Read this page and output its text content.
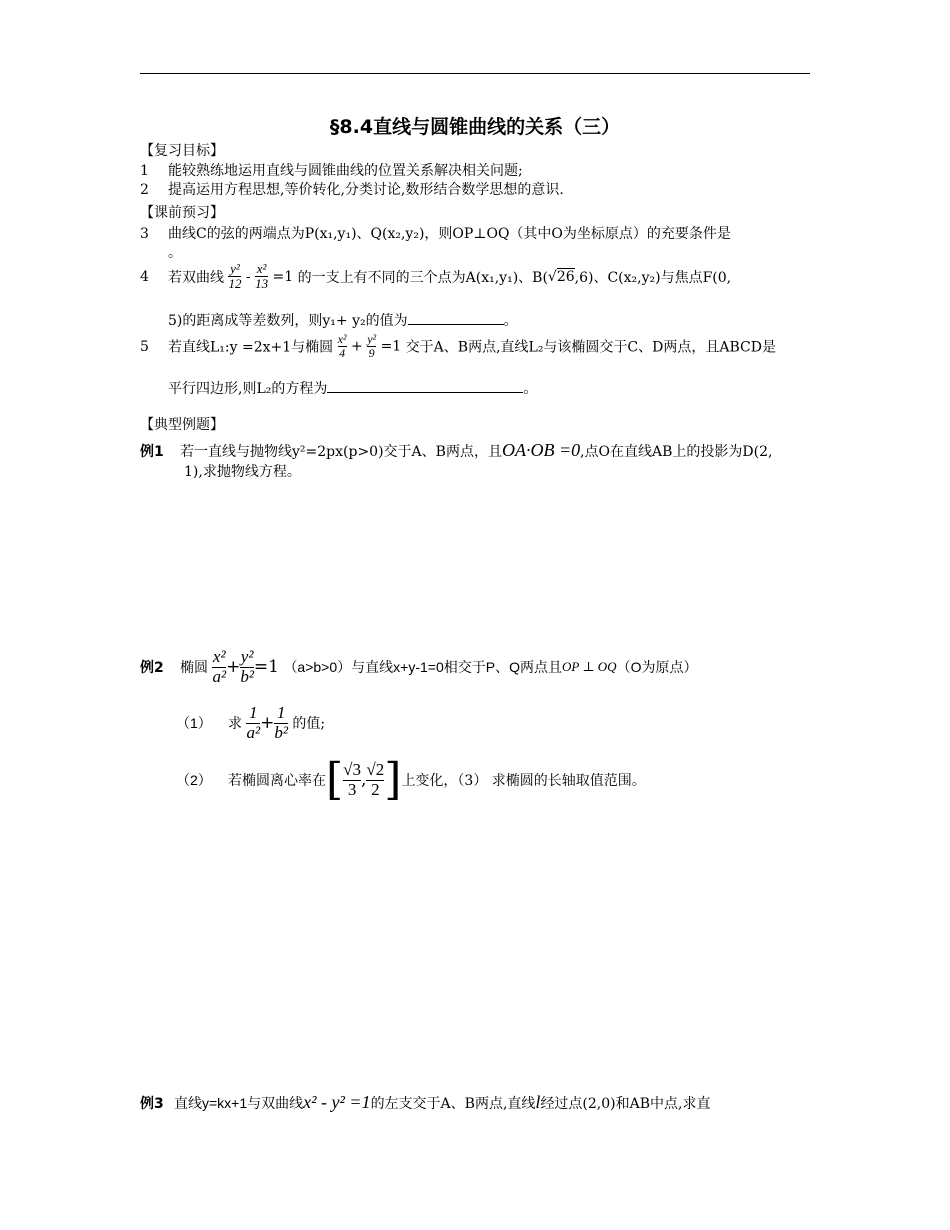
§8.4直线与圆锥曲线的关系（三）
【复习目标】
1 能较熟练地运用直线与圆锥曲线的位置关系解决相关问题;
2 提高运用方程思想,等价转化,分类讨论,数形结合数学思想的意识.
【课前预习】
3 曲线C的弦的两端点为P(x₁,y₁)、Q(x₂,y₂)，则OP⊥OQ（其中O为坐标原点）的充要条件是
。
4 若双曲线 $\frac{\text{y²}}{12} - \frac{\text{x²}}{13} =1$ 的一支上有不同的三个点为A(x₁,y₁)、B(√26,6)、C(x₂,y₂)与焦点F(0,
5)的距离成等差数列，则y₁+ y₂的值为	。
5 若直线L₁:y =2x+1与椭圆 $\frac{\text{x²}}{4} + \frac{\text{y²}}{9} =1$ 交于A、B两点,直线L₂与该椭圆交于C、D两点，且ABCD是
平行四边形,则L₂的方程为	。
【典型例题】
例1 若一直线与抛物线y²=2px(p>0)交于A、B两点，且OA·OB =0,点O在直线AB上的投影为D(2,
1),求抛物线方程。
例2 椭圆 $\frac{\text{x²}}{\text{a²}} + \frac{\text{y²}}{\text{b²}} =1$ （a>b>0）与直线x+y-1=0相交于P、Q两点且OP ⊥ OQ（O为原点）
（1） 求 $\frac{1}{\text{a²}} + \frac{1}{\text{b²}}$ 的值;
（2） 若椭圆离心率在[ $\frac{√3}{3}$ , $\frac{√2}{2}$ ]上变化，（3） 求椭圆的长轴取值范围。
例3 直线y=kx+1与双曲线x² - y² =1的左支交于A、B两点,直线l经过点(2,0)和AB中点,求直
